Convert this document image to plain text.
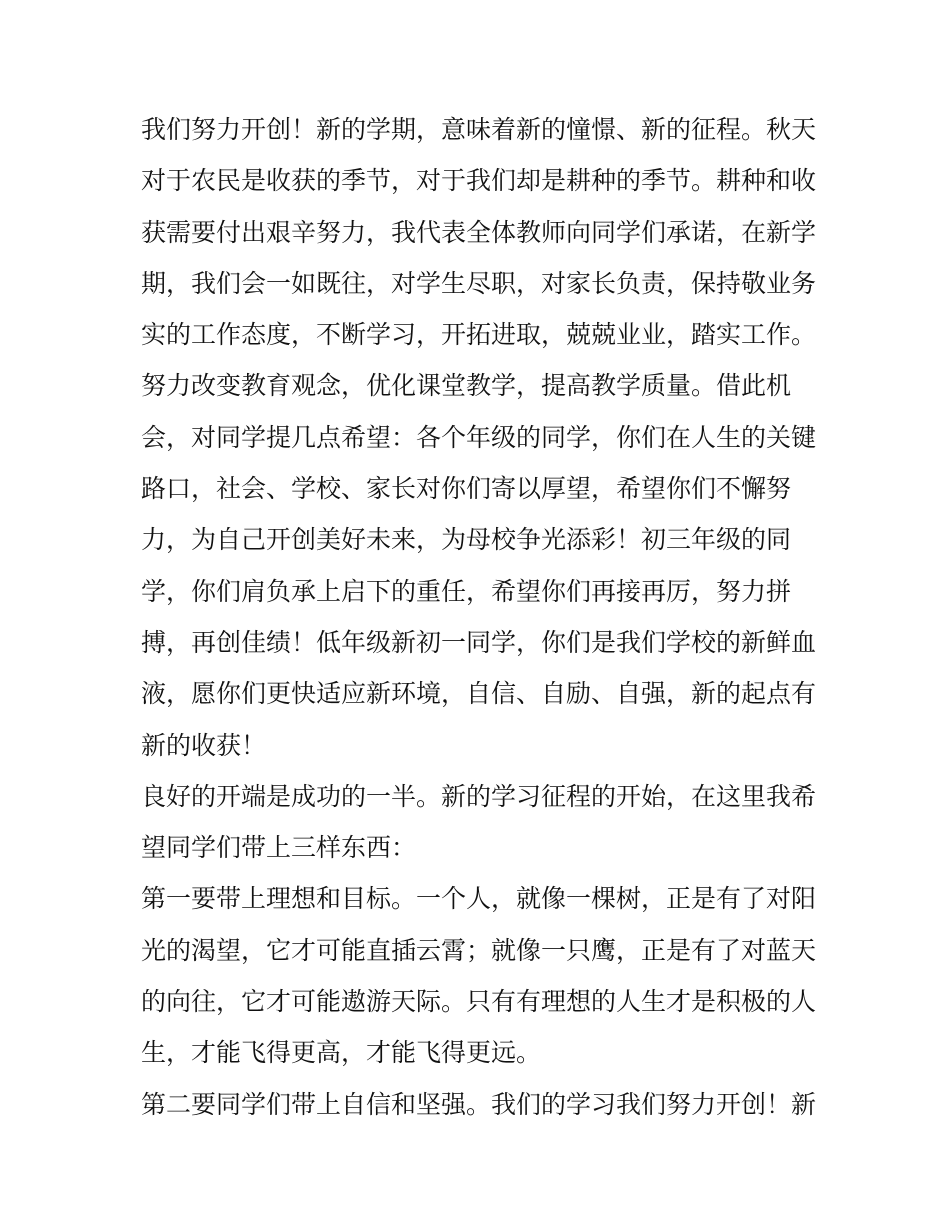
我们努力开创！新的学期，意味着新的憧憬、新的征程。秋天
对于农民是收获的季节，对于我们却是耕种的季节。耕种和收
获需要付出艰辛努力，我代表全体教师向同学们承诺，在新学
期，我们会一如既往，对学生尽职，对家长负责，保持敬业务
实的工作态度，不断学习，开拓进取，兢兢业业，踏实工作。
努力改变教育观念，优化课堂教学，提高教学质量。借此机
会，对同学提几点希望：各个年级的同学，你们在人生的关键
路口，社会、学校、家长对你们寄以厚望，希望你们不懈努
力，为自己开创美好未来，为母校争光添彩！初三年级的同
学，你们肩负承上启下的重任，希望你们再接再厉，努力拼
搏，再创佳绩！低年级新初一同学，你们是我们学校的新鲜血
液，愿你们更快适应新环境，自信、自励、自强，新的起点有
新的收获！
良好的开端是成功的一半。新的学习征程的开始，在这里我希
望同学们带上三样东西：
第一要带上理想和目标。一个人，就像一棵树，正是有了对阳
光的渴望，它才可能直插云霄；就像一只鹰，正是有了对蓝天
的向往，它才可能遨游天际。只有有理想的人生才是积极的人
生，才能飞得更高，才能飞得更远。
第二要同学们带上自信和坚强。我们的学习我们努力开创！新
